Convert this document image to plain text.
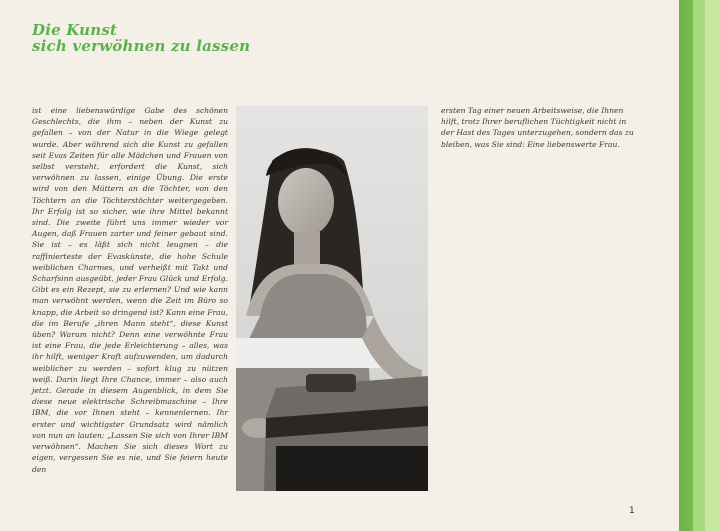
Die Kunst
sich verwöhnen zu lassen
ist eine liebenswürdige Gabe des schönen Geschlechts, die ihm – neben der Kunst zu gefallen – von der Natur in die Wiege gelegt wurde. Aber während sich die Kunst zu gefallen seit Evas Zeiten für alle Mädchen und Frauen von selbst versteht, erfordert die Kunst, sich verwöhnen zu lassen, einige Übung. Die erste wird von den Müttern an die Töchter, von den Töchtern an die Töchterstöchter weitergegeben. Ihr Erfolg ist so sicher, wie ihre Mittel bekannt sind. Die zweite führt uns immer wieder vor Augen, daß Frauen zarter und feiner gebaut sind. Sie ist – es läßt sich nicht leugnen – die raffinierteste der Evaskünste, die hohe Schule weiblichen Charmes, und verheißt mit Takt und Scharfsinn ausgeübt, jeder Frau Glück und Erfolg. Gibt es ein Rezept, sie zu erlernen? Und wie kann man verwöhnt werden, wenn die Zeit im Büro so knapp, die Arbeit so dringend ist? Kann eine Frau, die im Berufe „ihren Mann steht“, diese Kunst üben? Warum nicht? Denn eine verwöhnte Frau ist eine Frau, die jede Erleichterung – alles, was ihr hilft, weniger Kraft aufzuwenden, um dadurch weiblicher zu werden – sofort klug zu nützen weiß. Darin liegt Ihre Chance, immer – also auch jetzt. Gerade in diesem Augenblick, in dem Sie diese neue elektrische Schreibmaschine – Ihre IBM, die vor Ihnen steht – kennenlernen. Ihr erster und wichtigster Grundsatz wird nämlich von nun an lauten: „Lassen Sie sich von Ihrer IBM verwöhnen“. Machen Sie sich dieses Wort zu eigen, vergessen Sie es nie, und Sie feiern heute den
ersten Tag einer neuen Arbeitsweise, die Ihnen hilft, trotz Ihrer beruflichen Tüchtigkeit nicht in der Hast des Tages unterzugehen, sondern das zu bleiben, was Sie sind: Eine liebenswerte Frau.
1
